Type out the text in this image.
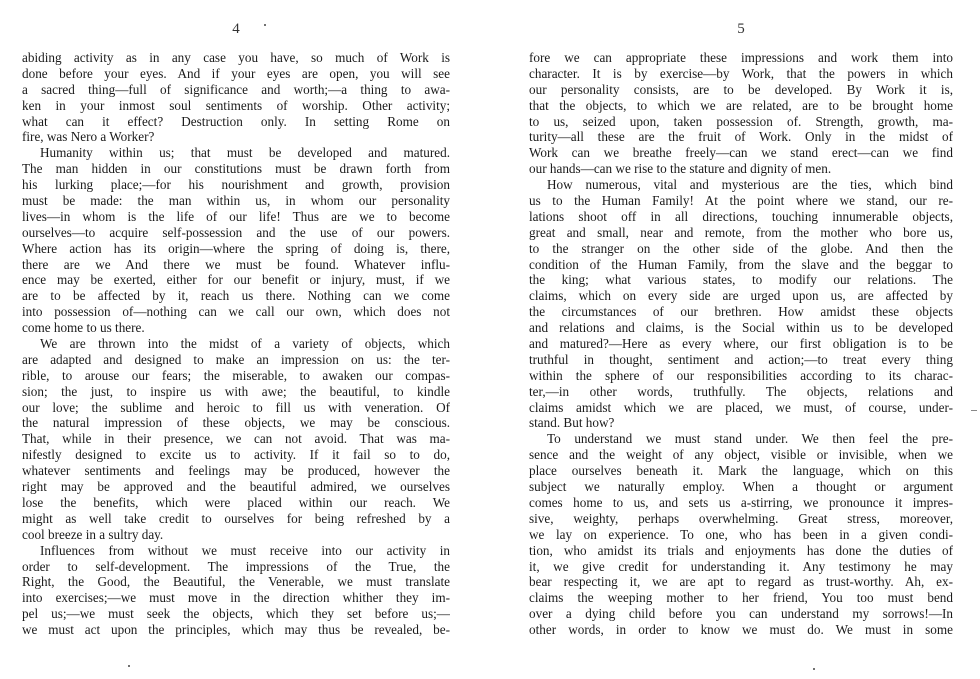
4
abiding activity as in any case you have, so much of Work is
done before your eyes. And if your eyes are open, you will see
a sacred thing—full of significance and worth;—a thing to awa-
ken in your inmost soul sentiments of worship. Other activity;
what can it effect? Destruction only. In setting Rome on
fire, was Nero a Worker?
Humanity within us; that must be developed and matured.
The man hidden in our constitutions must be drawn forth from
his lurking place;—for his nourishment and growth, provision
must be made: the man within us, in whom our personality
lives—in whom is the life of our life! Thus are we to become
ourselves—to acquire self-possession and the use of our powers.
Where action has its origin—where the spring of doing is, there,
there are we And there we must be found. Whatever influ-
ence may be exerted, either for our benefit or injury, must, if we
are to be affected by it, reach us there. Nothing can we come
into possession of—nothing can we call our own, which does not
come home to us there.
We are thrown into the midst of a variety of objects, which
are adapted and designed to make an impression on us: the ter-
rible, to arouse our fears; the miserable, to awaken our compas-
sion; the just, to inspire us with awe; the beautiful, to kindle
our love; the sublime and heroic to fill us with veneration. Of
the natural impression of these objects, we may be conscious.
That, while in their presence, we can not avoid. That was ma-
nifestly designed to excite us to activity. If it fail so to do,
whatever sentiments and feelings may be produced, however the
right may be approved and the beautiful admired, we ourselves
lose the benefits, which were placed within our reach. We
might as well take credit to ourselves for being refreshed by a
cool breeze in a sultry day.
Influences from without we must receive into our activity in
order to self-development. The impressions of the True, the
Right, the Good, the Beautiful, the Venerable, we must translate
into exercises;—we must move in the direction whither they im-
pel us;—we must seek the objects, which they set before us;—
we must act upon the principles, which may thus be revealed, be-
5
fore we can appropriate these impressions and work them into
character. It is by exercise—by Work, that the powers in which
our personality consists, are to be developed. By Work it is,
that the objects, to which we are related, are to be brought home
to us, seized upon, taken possession of. Strength, growth, ma-
turity—all these are the fruit of Work. Only in the midst of
Work can we breathe freely—can we stand erect—can we find
our hands—can we rise to the stature and dignity of men.
How numerous, vital and mysterious are the ties, which bind
us to the Human Family! At the point where we stand, our re-
lations shoot off in all directions, touching innumerable objects,
great and small, near and remote, from the mother who bore us,
to the stranger on the other side of the globe. And then the
condition of the Human Family, from the slave and the beggar to
the king; what various states, to modify our relations. The
claims, which on every side are urged upon us, are affected by
the circumstances of our brethren. How amidst these objects
and relations and claims, is the Social within us to be developed
and matured?—Here as every where, our first obligation is to be
truthful in thought, sentiment and action;—to treat every thing
within the sphere of our responsibilities according to its charac-
ter,—in other words, truthfully. The objects, relations and
claims amidst which we are placed, we must, of course, under-
stand. But how?
To understand we must stand under. We then feel the pre-
sence and the weight of any object, visible or invisible, when we
place ourselves beneath it. Mark the language, which on this
subject we naturally employ. When a thought or argument
comes home to us, and sets us a-stirring, we pronounce it impres-
sive, weighty, perhaps overwhelming. Great stress, moreover,
we lay on experience. To one, who has been in a given condi-
tion, who amidst its trials and enjoyments has done the duties of
it, we give credit for understanding it. Any testimony he may
bear respecting it, we are apt to regard as trust-worthy. Ah, ex-
claims the weeping mother to her friend, You too must bend
over a dying child before you can understand my sorrows!—In
other words, in order to know we must do. We must in some
